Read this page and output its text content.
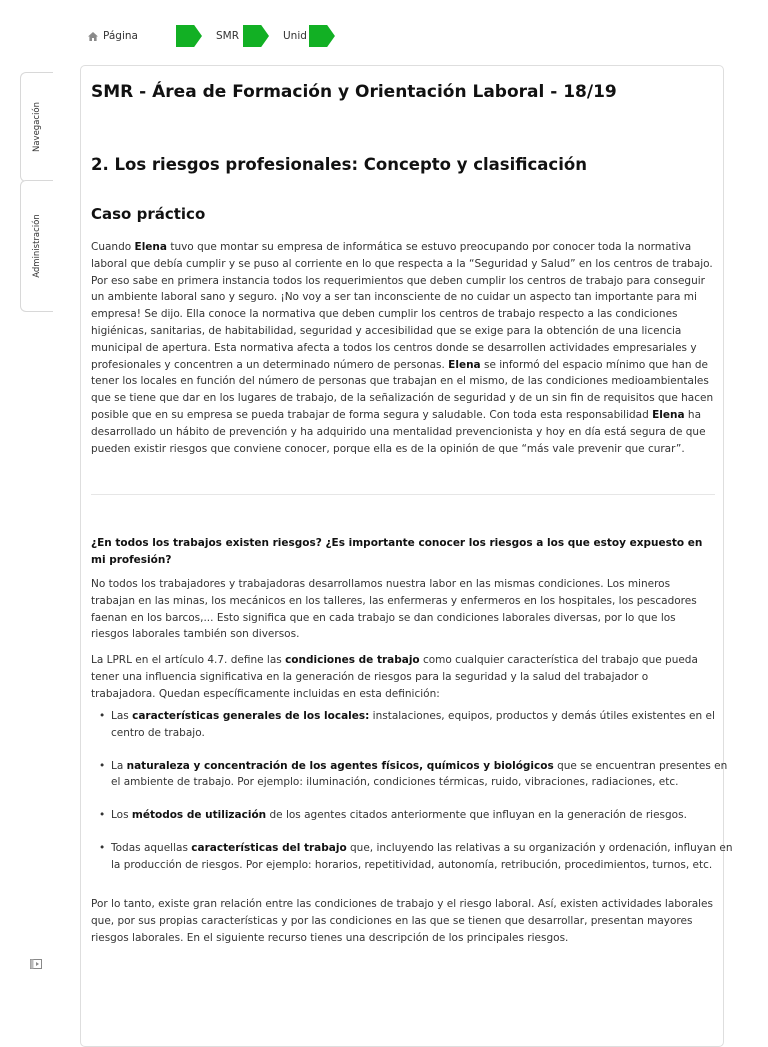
Página	SMR	Unid
Navegación
Administración
SMR - Área de Formación y Orientación Laboral - 18/19
2. Los riesgos profesionales: Concepto y clasificación
Caso práctico

Cuando Elena tuvo que montar su empresa de informática se estuvo preocupando por conocer toda la normativa laboral que debía cumplir y se puso al corriente en lo que respecta a la “Seguridad y Salud” en los centros de trabajo. Por eso sabe en primera instancia todos los requerimientos que deben cumplir los centros de trabajo para conseguir un ambiente laboral sano y seguro. ¡No voy a ser tan inconsciente de no cuidar un aspecto tan importante para mi empresa! Se dijo. Ella conoce la normativa que deben cumplir los centros de trabajo respecto a las condiciones higiénicas, sanitarias, de habitabilidad, seguridad y accesibilidad que se exige para la obtención de una licencia municipal de apertura. Esta normativa afecta a todos los centros donde se desarrollen actividades empresariales y profesionales y concentren a un determinado número de personas. Elena se informó del espacio mínimo que han de tener los locales en función del número de personas que trabajan en el mismo, de las condiciones medioambientales que se tiene que dar en los lugares de trabajo, de la señalización de seguridad y de un sin fin de requisitos que hacen posible que en su empresa se pueda trabajar de forma segura y saludable. Con toda esta responsabilidad Elena ha desarrollado un hábito de prevención y ha adquirido una mentalidad prevencionista y hoy en día está segura de que pueden existir riesgos que conviene conocer, porque ella es de la opinión de que “más vale prevenir que curar”.

¿En todos los trabajos existen riesgos? ¿Es importante conocer los riesgos a los que estoy expuesto en mi profesión?

No todos los trabajadores y trabajadoras desarrollamos nuestra labor en las mismas condiciones. Los mineros trabajan en las minas, los mecánicos en los talleres, las enfermeras y enfermeros en los hospitales, los pescadores faenan en los barcos,... Esto significa que en cada trabajo se dan condiciones laborales diversas, por lo que los riesgos laborales también son diversos.

La LPRL en el artículo 4.7. define las condiciones de trabajo como cualquier característica del trabajo que pueda tener una influencia significativa en la generación de riesgos para la seguridad y la salud del trabajador o trabajadora. Quedan específicamente incluidas en esta definición:

• Las características generales de los locales: instalaciones, equipos, productos y demás útiles existentes en el centro de trabajo.
• La naturaleza y concentración de los agentes físicos, químicos y biológicos que se encuentran presentes en el ambiente de trabajo. Por ejemplo: iluminación, condiciones térmicas, ruido, vibraciones, radiaciones, etc.
• Los métodos de utilización de los agentes citados anteriormente que influyan en la generación de riesgos.
• Todas aquellas características del trabajo que, incluyendo las relativas a su organización y ordenación, influyan en la producción de riesgos. Por ejemplo: horarios, repetitividad, autonomía, retribución, procedimientos, turnos, etc.

Por lo tanto, existe gran relación entre las condiciones de trabajo y el riesgo laboral. Así, existen actividades laborales que, por sus propias características y por las condiciones en las que se tienen que desarrollar, presentan mayores riesgos laborales. En el siguiente recurso tienes una descripción de los principales riesgos.
